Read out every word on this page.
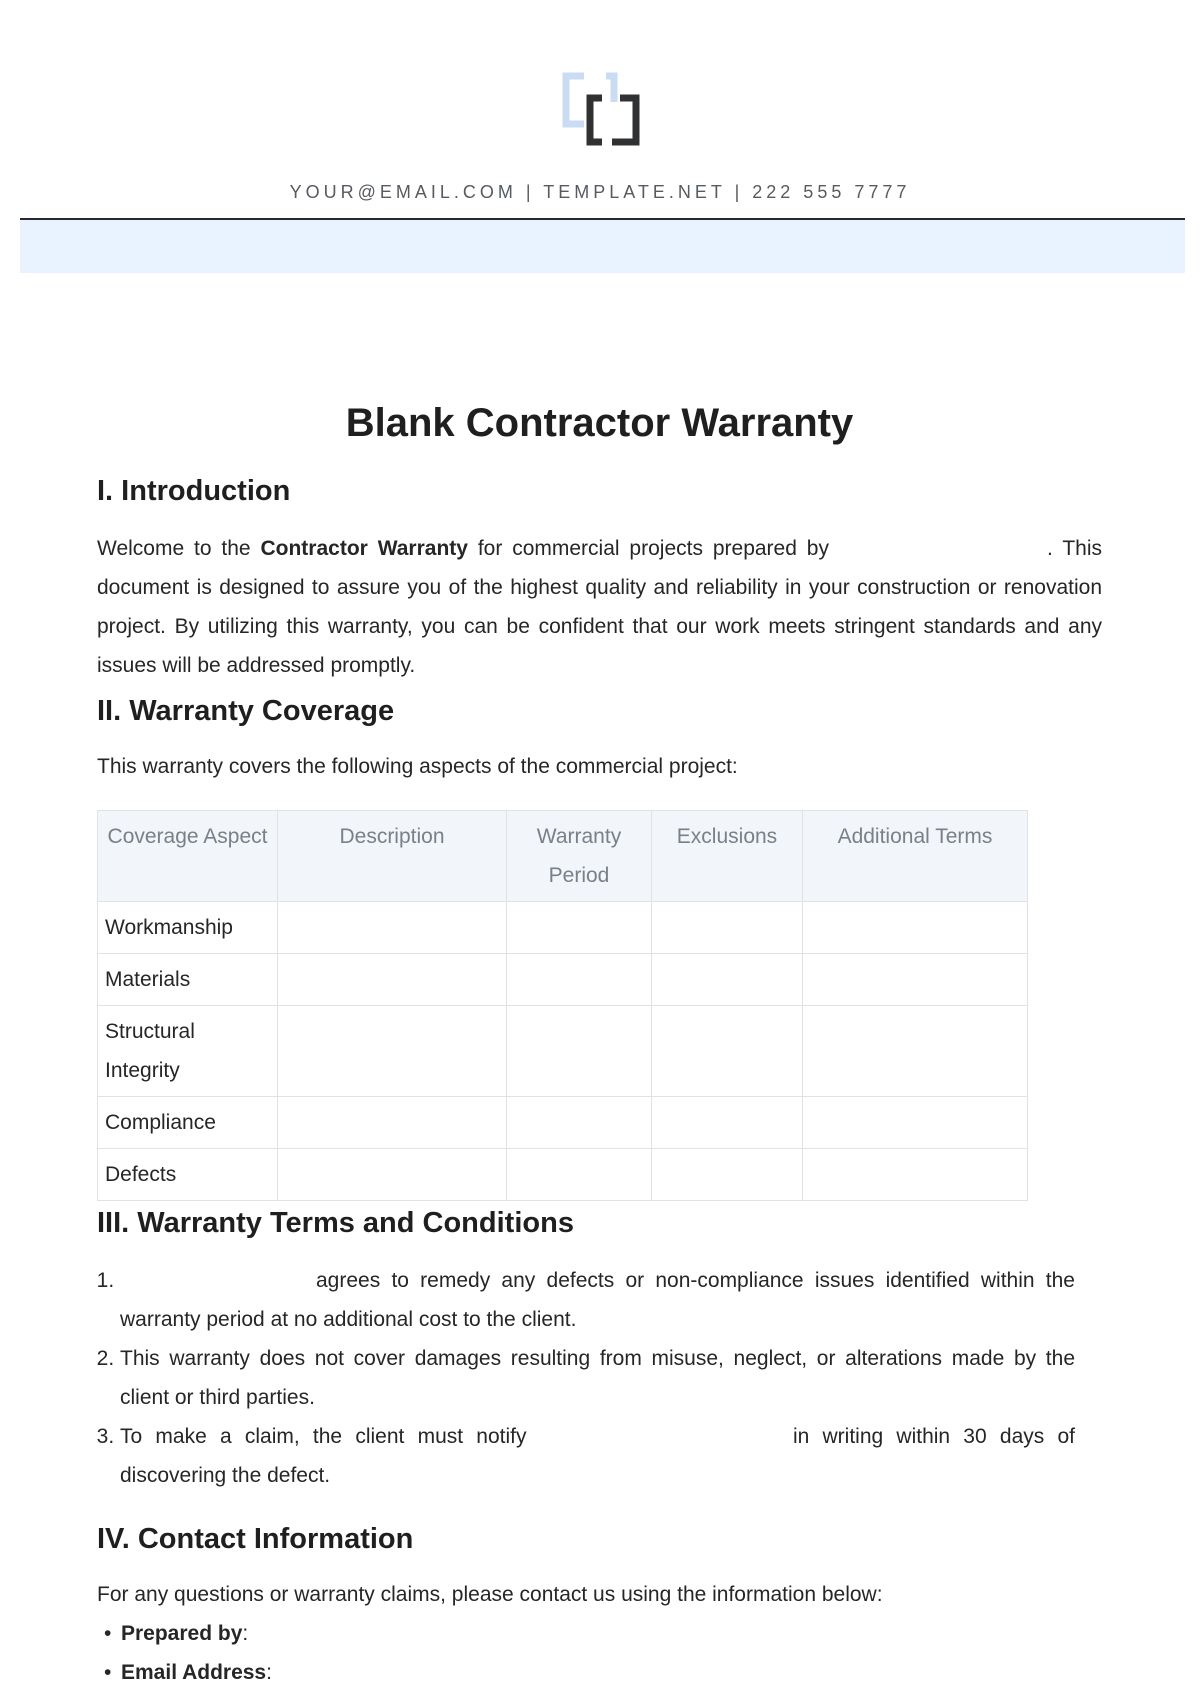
YOUR@EMAIL.COM | TEMPLATE.NET | 222 555 7777
Blank Contractor Warranty
I. Introduction

Welcome to the Contractor Warranty for commercial projects prepared by	. This document is designed to assure you of the highest quality and reliability in your construction or renovation project. By utilizing this warranty, you can be confident that our work meets stringent standards and any issues will be addressed promptly.

II. Warranty Coverage

This warranty covers the following aspects of the commercial project:

Coverage Aspect	Description	Warranty Period	Exclusions	Additional Terms
Workmanship				
Materials				
Structural Integrity				
Compliance				
Defects				
III. Warranty Terms and Conditions
1. agrees to remedy any defects or non-compliance issues identified within the warranty period at no additional cost to the client.
2. This warranty does not cover damages resulting from misuse, neglect, or alterations made by the client or third parties.
3. To make a claim, the client must notify	in writing within 30 days of discovering the defect.
IV. Contact Information

For any questions or warranty claims, please contact us using the information below:

• Prepared by:
• Email Address:
